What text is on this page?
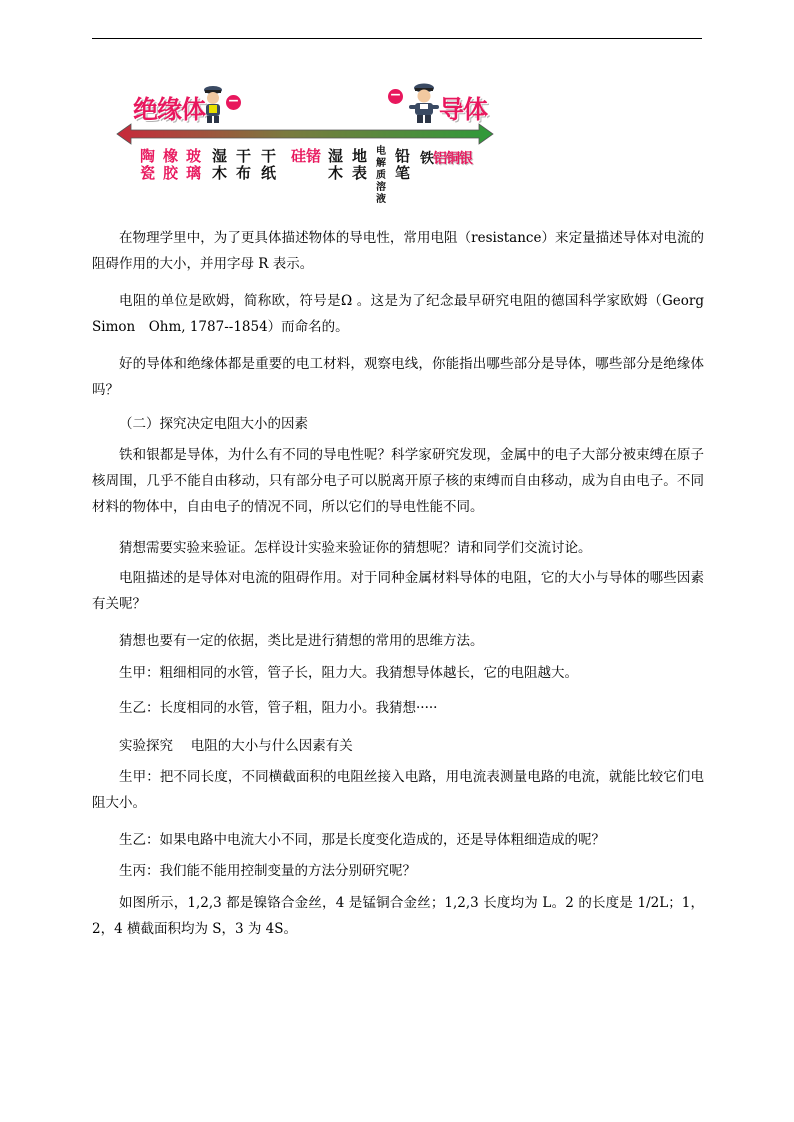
绝缘体	导体
−	−
陶
瓷
橡
胶
玻
璃
湿
木
干
布
干
纸
硅锗 湿
木
地
表
电
解
质
溶
液
铅
笔
铁铝铜银

在物理学里中，为了更具体描述物体的导电性，常用电阻（resistance）来定量描述导体对电流的阻碍作用的大小，并用字母 R 表示。

电阻的单位是欧姆，简称欧，符号是Ω 。这是为了纪念最早研究电阻的德国科学家欧姆（Georg Simon　Ohm, 1787--1854）而命名的。

好的导体和绝缘体都是重要的电工材料，观察电线，你能指出哪些部分是导体，哪些部分是绝缘体吗？

（二）探究决定电阻大小的因素

铁和银都是导体，为什么有不同的导电性呢？科学家研究发现，金属中的电子大部分被束缚在原子核周围，几乎不能自由移动，只有部分电子可以脱离开原子核的束缚而自由移动，成为自由电子。不同材料的物体中，自由电子的情况不同，所以它们的导电性能不同。

猜想需要实验来验证。怎样设计实验来验证你的猜想呢？请和同学们交流讨论。

电阻描述的是导体对电流的阻碍作用。对于同种金属材料导体的电阻，它的大小与导体的哪些因素有关呢？

猜想也要有一定的依据，类比是进行猜想的常用的思维方法。

生甲：粗细相同的水管，管子长，阻力大。我猜想导体越长，它的电阻越大。

生乙：长度相同的水管，管子粗，阻力小。我猜想·····

实验探究　 电阻的大小与什么因素有关

生甲：把不同长度，不同横截面积的电阻丝接入电路，用电流表测量电路的电流，就能比较它们电阻大小。

生乙：如果电路中电流大小不同，那是长度变化造成的，还是导体粗细造成的呢？

生丙：我们能不能用控制变量的方法分别研究呢？

如图所示，1,2,3 都是镍铬合金丝，4 是锰铜合金丝；1,2,3 长度均为 L。2 的长度是 1/2L；1，2，4 横截面积均为 S，3 为 4S。
